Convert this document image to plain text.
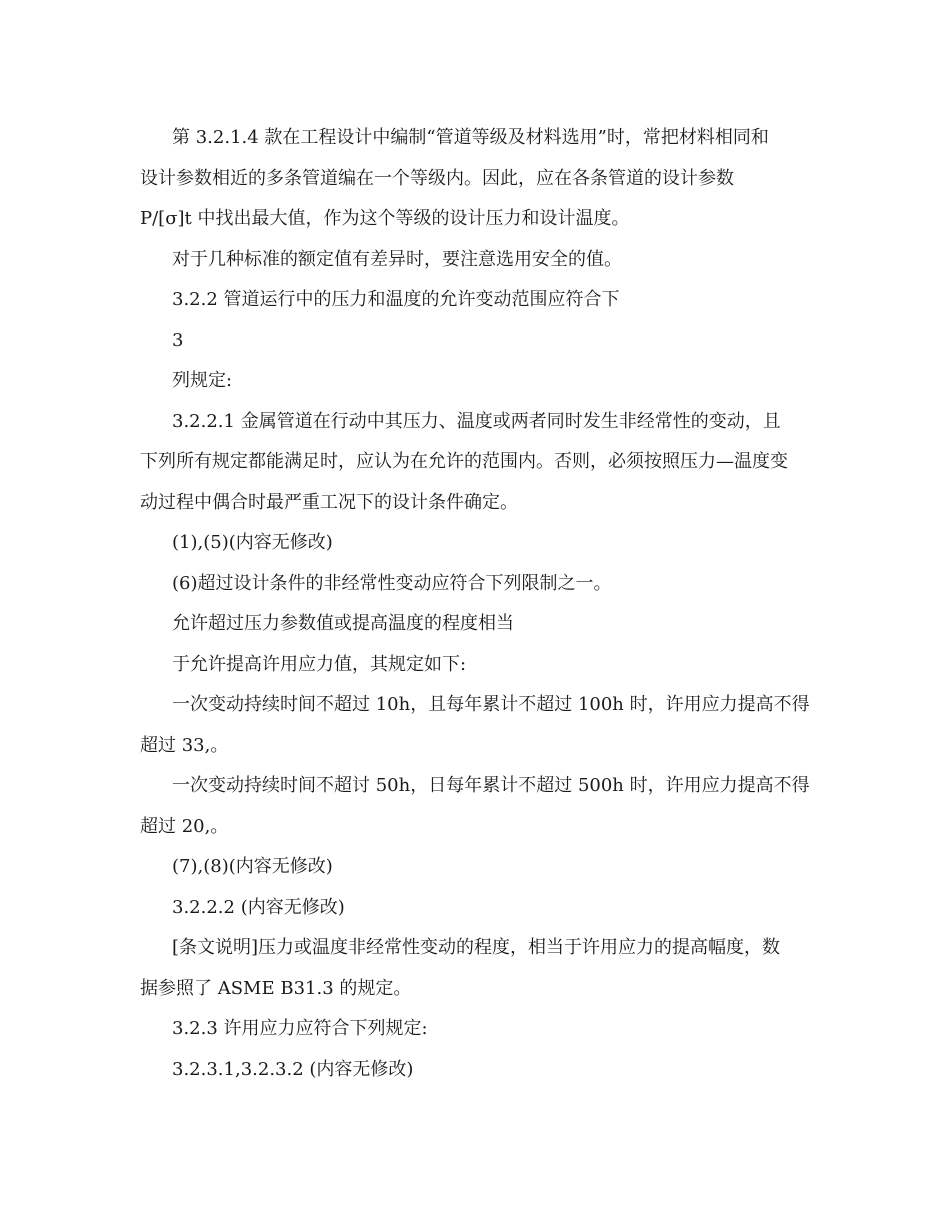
第 3.2.1.4 款在工程设计中编制“管道等级及材料选用”时，常把材料相同和

设计参数相近的多条管道编在一个等级内。因此，应在各条管道的设计参数

P/[σ]t 中找出最大值，作为这个等级的设计压力和设计温度。

对于几种标准的额定值有差异时，要注意选用安全的值。

3.2.2 管道运行中的压力和温度的允许变动范围应符合下

3

列规定:

3.2.2.1 金属管道在行动中其压力、温度或两者同时发生非经常性的变动，且

下列所有规定都能满足时，应认为在允许的范围内。否则，必须按照压力—温度变

动过程中偶合时最严重工况下的设计条件确定。

(1),(5)(内容无修改)

(6)超过设计条件的非经常性变动应符合下列限制之一。

允许超过压力参数值或提高温度的程度相当

于允许提高许用应力值，其规定如下:

一次变动持续时间不超过 10h，且每年累计不超过 100h 时，许用应力提高不得

超过 33,。

一次变动持续时间不超讨 50h，日每年累计不超过 500h 时，许用应力提高不得

超过 20,。

(7),(8)(内容无修改)

3.2.2.2 (内容无修改)

[条文说明]压力或温度非经常性变动的程度，相当于许用应力的提高幅度，数

据参照了 ASME B31.3 的规定。

3.2.3 许用应力应符合下列规定:

3.2.3.1,3.2.3.2 (内容无修改)
